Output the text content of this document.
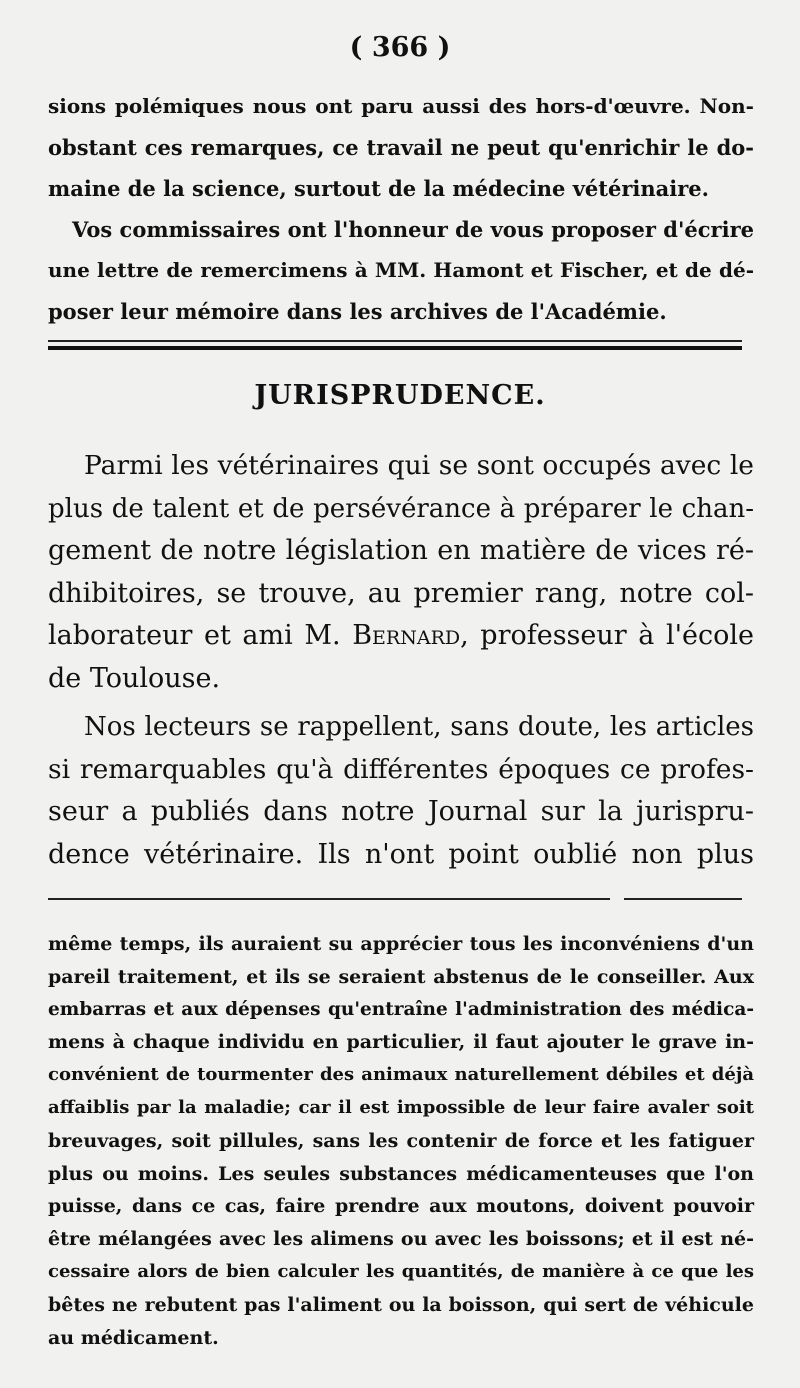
( 366 )
sions polémiques nous ont paru aussi des hors-d'œuvre. Non-
obstant ces remarques, ce travail ne peut qu'enrichir le do-
maine de la science, surtout de la médecine vétérinaire.
Vos commissaires ont l'honneur de vous proposer d'écrire
une lettre de remercimens à MM. Hamont et Fischer, et de dé-
poser leur mémoire dans les archives de l'Académie.
JURISPRUDENCE.
Parmi les vétérinaires qui se sont occupés avec le
plus de talent et de persévérance à préparer le chan-
gement de notre législation en matière de vices ré-
dhibitoires, se trouve, au premier rang, notre col-
laborateur et ami M. Bernard, professeur à l'école
de Toulouse.
Nos lecteurs se rappellent, sans doute, les articles
si remarquables qu'à différentes époques ce profes-
seur a publiés dans notre Journal sur la jurispru-
dence vétérinaire. Ils n'ont point oublié non plus
même temps, ils auraient su apprécier tous les inconvéniens d'un
pareil traitement, et ils se seraient abstenus de le conseiller. Aux
embarras et aux dépenses qu'entraîne l'administration des médica-
mens à chaque individu en particulier, il faut ajouter le grave in-
convénient de tourmenter des animaux naturellement débiles et déjà
affaiblis par la maladie; car il est impossible de leur faire avaler soit
breuvages, soit pillules, sans les contenir de force et les fatiguer
plus ou moins. Les seules substances médicamenteuses que l'on
puisse, dans ce cas, faire prendre aux moutons, doivent pouvoir
être mélangées avec les alimens ou avec les boissons; et il est né-
cessaire alors de bien calculer les quantités, de manière à ce que les
bêtes ne rebutent pas l'aliment ou la boisson, qui sert de véhicule
au médicament.
